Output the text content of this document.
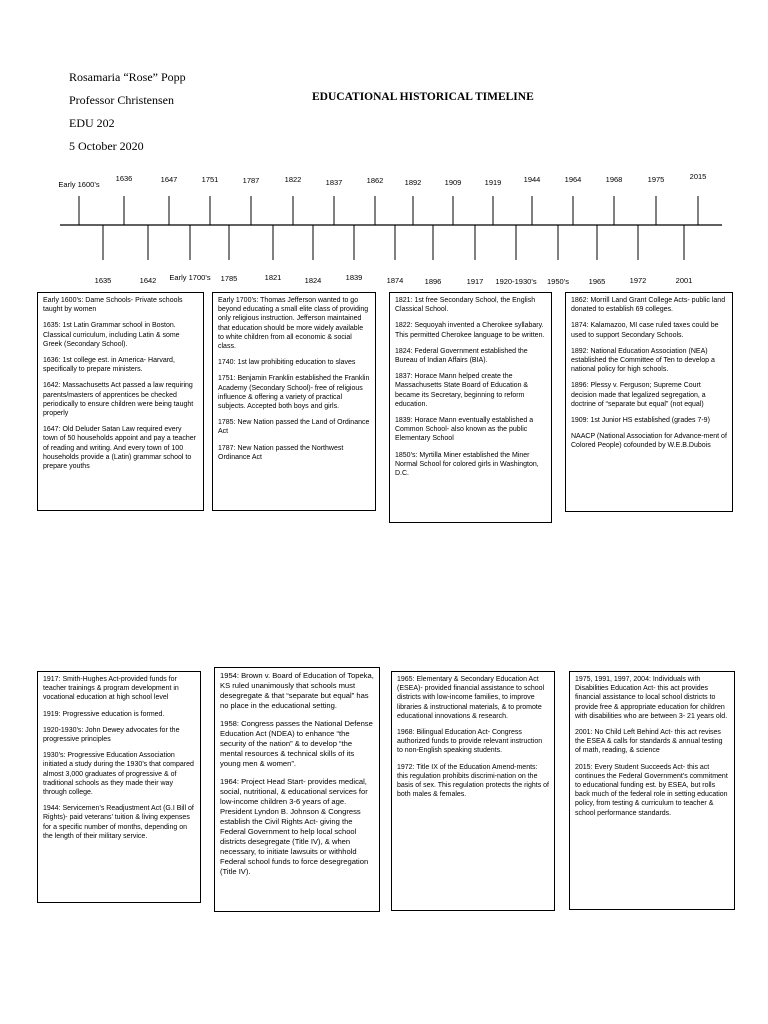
Rosamaria “Rose” Popp
Professor Christensen
EDU 202
5 October 2020
EDUCATIONAL HISTORICAL TIMELINE
Early 1600’s
1636	1647	1751	1787	1822	1837	1862	1892	1909	1919	1944	1964	1968	1975	2015
1635	1642 Early 1700’s 1785	1821	1824	1839	1874	1896	1917 1920-1930’s 1950’s	1965	1972	2001

Early 1600’s: Dame Schools- Private schools taught by women

1635: 1st Latin Grammar school in Boston. Classical curriculum, including Latin & some Greek (Secondary School).

1636: 1st college est. in America- Harvard, specifically to prepare ministers.

1642: Massachusetts Act passed a law requiring parents/masters of apprentices be checked periodically to ensure children were being taught properly

1647: Old Deluder Satan Law required every town of 50 households appoint and pay a teacher of reading and writing. And every town of 100 households provide a (Latin) grammar school to prepare youths

Early 1700’s: Thomas Jefferson wanted to go beyond educating a small elite class of providing only religious instruction. Jefferson maintained that education should be more widely available to white children from all economic & social class.

1740: 1st law prohibiting education to slaves

1751: Benjamin Franklin established the Franklin Academy (Secondary School)- free of religious influence & offering a variety of practical subjects. Accepted both boys and girls.

1785: New Nation passed the Land of Ordinance Act

1787: New Nation passed the Northwest Ordinance Act

1821: 1st free Secondary School, the English Classical School.

1822: Sequoyah invented a Cherokee syllabary. This permitted Cherokee language to be written.

1824: Federal Government established the Bureau of Indian Affairs (BIA).

1837: Horace Mann helped create the Massachusetts State Board of Education & became its Secretary, beginning to reform education.

1839: Horace Mann eventually established a Common School- also known as the public Elementary School

1850’s: Myrtilla Miner established the Miner Normal School for colored girls in Washington, D.C.

1862: Morrill Land Grant College Acts- public land donated to establish 69 colleges.

1874: Kalamazoo, MI case ruled taxes could be used to support Secondary Schools.

1892: National Education Association (NEA) established the Committee of Ten to develop a national policy for high schools.

1896: Plessy v. Ferguson; Supreme Court decision made that legalized segregation, a doctrine of “separate but equal” (not equal)

1909: 1st Junior HS established (grades 7-9)

NAACP (National Association for Advance-ment of Colored People) cofounded by W.E.B.Dubois

1917: Smith-Hughes Act-provided funds for teacher trainings & program development in vocational education at high school level

1919: Progressive education is formed.

1920-1930’s: John Dewey advocates for the progressive principles

1930’s: Progressive Education Association initiated a study during the 1930’s that compared almost 3,000 graduates of progressive & of traditional schools as they made their way through college.

1944: Servicemen’s Readjustment Act (G.I Bill of Rights)- paid veterans’ tuition & living expenses for a specific number of months, depending on the length of their military service.

1954: Brown v. Board of Education of Topeka, KS ruled unanimously that schools must desegregate & that “separate but equal” has no place in the educational setting.

1958: Congress passes the National Defense Education Act (NDEA) to enhance “the security of the nation” & to develop “the mental resources & technical skills of its young men & women”.

1964: Project Head Start- provides medical, social, nutritional, & educational services for low-income children 3-6 years of age. President Lyndon B. Johnson & Congress establish the Civil Rights Act- giving the Federal Government to help local school districts desegregate (Title IV), & when necessary, to initiate lawsuits or withhold Federal school funds to force desegregation (Title IV).

1965: Elementary & Secondary Education Act (ESEA)- provided financial assistance to school districts with low-income families, to improve libraries & instructional materials, & to promote educational innovations & research.

1968: Bilingual Education Act- Congress authorized funds to provide relevant instruction to non-English speaking students.

1972: Title IX of the Education Amend-ments: this regulation prohibits discrimi-nation on the basis of sex. This regulation protects the rights of both males & females.

1975, 1991, 1997, 2004: Individuals with Disabilities Education Act- this act provides financial assistance to local school districts to provide free & appropriate education for children with disabilities who are between 3- 21 years old.

2001: No Child Left Behind Act- this act revises the ESEA & calls for standards & annual testing of math, reading, & science

2015: Every Student Succeeds Act- this act continues the Federal Government’s commitment to educational funding est. by ESEA, but rolls back much of the federal role in setting education policy, from testing & curriculum to teacher & school performance standards.
